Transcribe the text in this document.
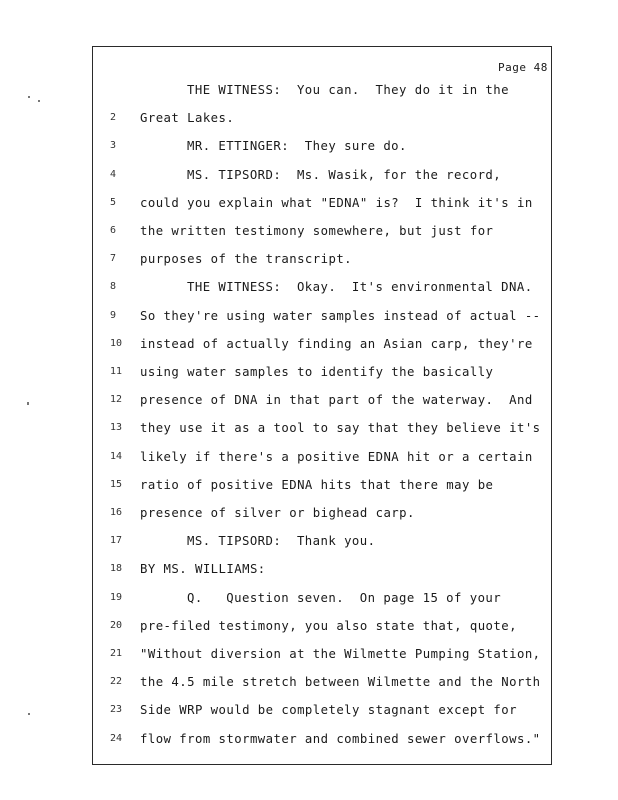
Page 48
THE WITNESS:  You can.  They do it in the
2	Great Lakes.
3	MR. ETTINGER:  They sure do.
4	MS. TIPSORD:  Ms. Wasik, for the record,
5	could you explain what "EDNA" is?  I think it's in
6	the written testimony somewhere, but just for
7	purposes of the transcript.
8	THE WITNESS:  Okay.  It's environmental DNA.
9	So they're using water samples instead of actual --
10	instead of actually finding an Asian carp, they're
11	using water samples to identify the basically
12	presence of DNA in that part of the waterway.  And
13	they use it as a tool to say that they believe it's
14	likely if there's a positive EDNA hit or a certain
15	ratio of positive EDNA hits that there may be
16	presence of silver or bighead carp.
17	MS. TIPSORD:  Thank you.
18	BY MS. WILLIAMS:
19	Q.   Question seven.  On page 15 of your
20	pre-filed testimony, you also state that, quote,
21	"Without diversion at the Wilmette Pumping Station,
22	the 4.5 mile stretch between Wilmette and the North
23	Side WRP would be completely stagnant except for
24	flow from stormwater and combined sewer overflows."
